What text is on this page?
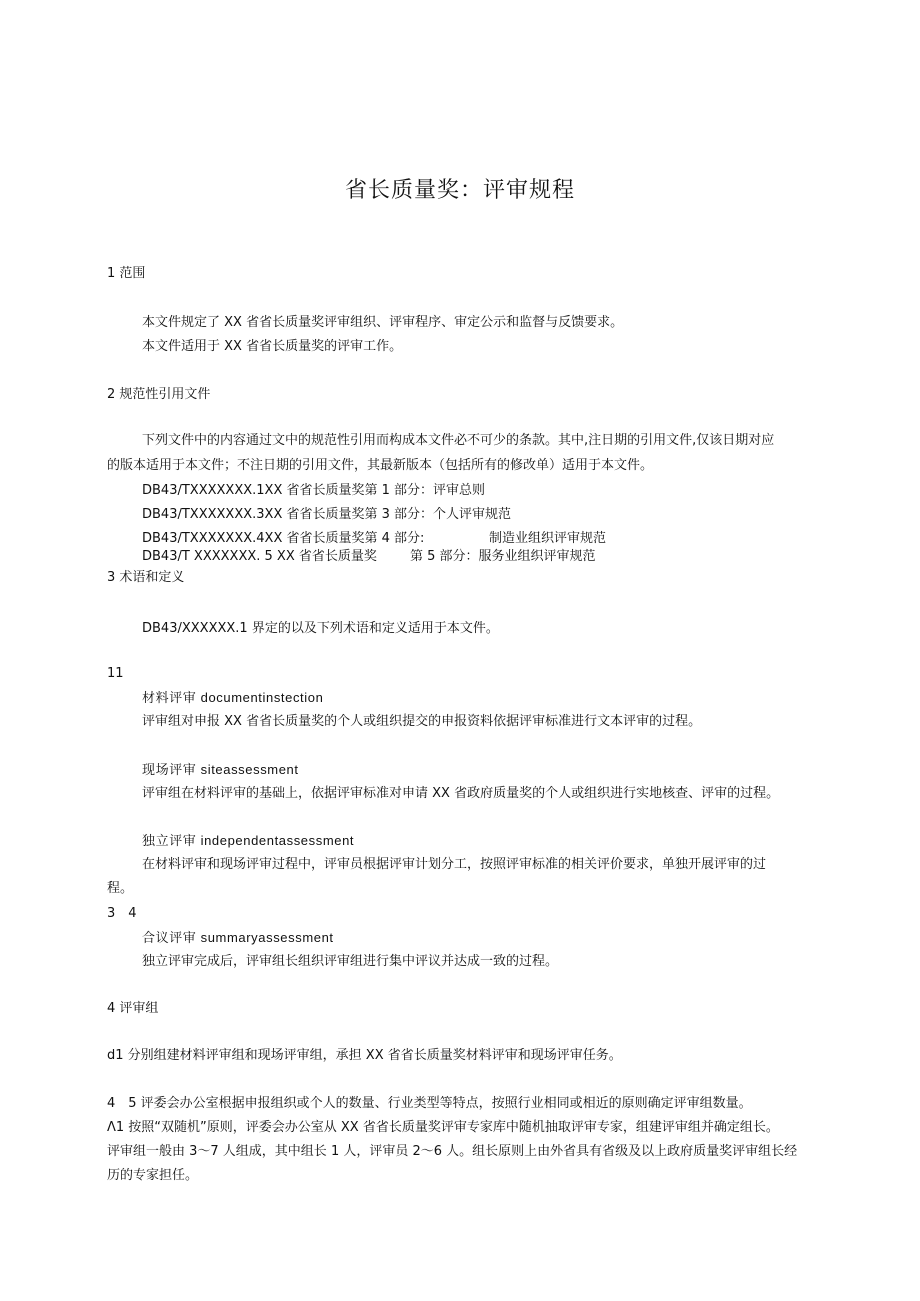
省长质量奖：评审规程
1 范围
本文件规定了 XX 省省长质量奖评审组织、评审程序、审定公示和监督与反馈要求。
本文件适用于 XX 省省长质量奖的评审工作。
2 规范性引用文件
下列文件中的内容通过文中的规范性引用而构成本文件必不可少的条款。其中,注日期的引用文件,仅该日期对应
的版本适用于本文件；不注日期的引用文件，其最新版本（包括所有的修改单）适用于本文件。
DB43/TXXXXXXX.1XX 省省长质量奖第 1 部分：评审总则
DB43/TXXXXXXX.3XX 省省长质量奖第 3 部分：个人评审规范
DB43/TXXXXXXX.4XX 省省长质量奖第 4 部分:	制造业组织评审规范
DB43/T XXXXXXX. 5 XX 省省长质量奖	第 5 部分：服务业组织评审规范
3 术语和定义
DB43/XXXXXX.1 界定的以及下列术语和定义适用于本文件。
11
材料评审 documentinstection
评审组对申报 XX 省省长质量奖的个人或组织提交的申报资料依据评审标准进行文本评审的过程。
现场评审 siteassessment
评审组在材料评审的基础上，依据评审标准对申请 XX 省政府质量奖的个人或组织进行实地核查、评审的过程。
独立评审 independentassessment
在材料评审和现场评审过程中，评审员根据评审计划分工，按照评审标准的相关评价要求，单独开展评审的过
程。
3　4
合议评审 summaryassessment
独立评审完成后，评审组长组织评审组进行集中评议并达成一致的过程。
4 评审组
d1 分别组建材料评审组和现场评审组，承担 XX 省省长质量奖材料评审和现场评审任务。
4　5 评委会办公室根据申报组织或个人的数量、行业类型等特点，按照行业相同或相近的原则确定评审组数量。
Λ1 按照“双随机”原则，评委会办公室从 XX 省省长质量奖评审专家库中随机抽取评审专家，组建评审组并确定组长。
评审组一般由 3～7 人组成，其中组长 1 人，评审员 2～6 人。组长原则上由外省具有省级及以上政府质量奖评审组长经
历的专家担任。
